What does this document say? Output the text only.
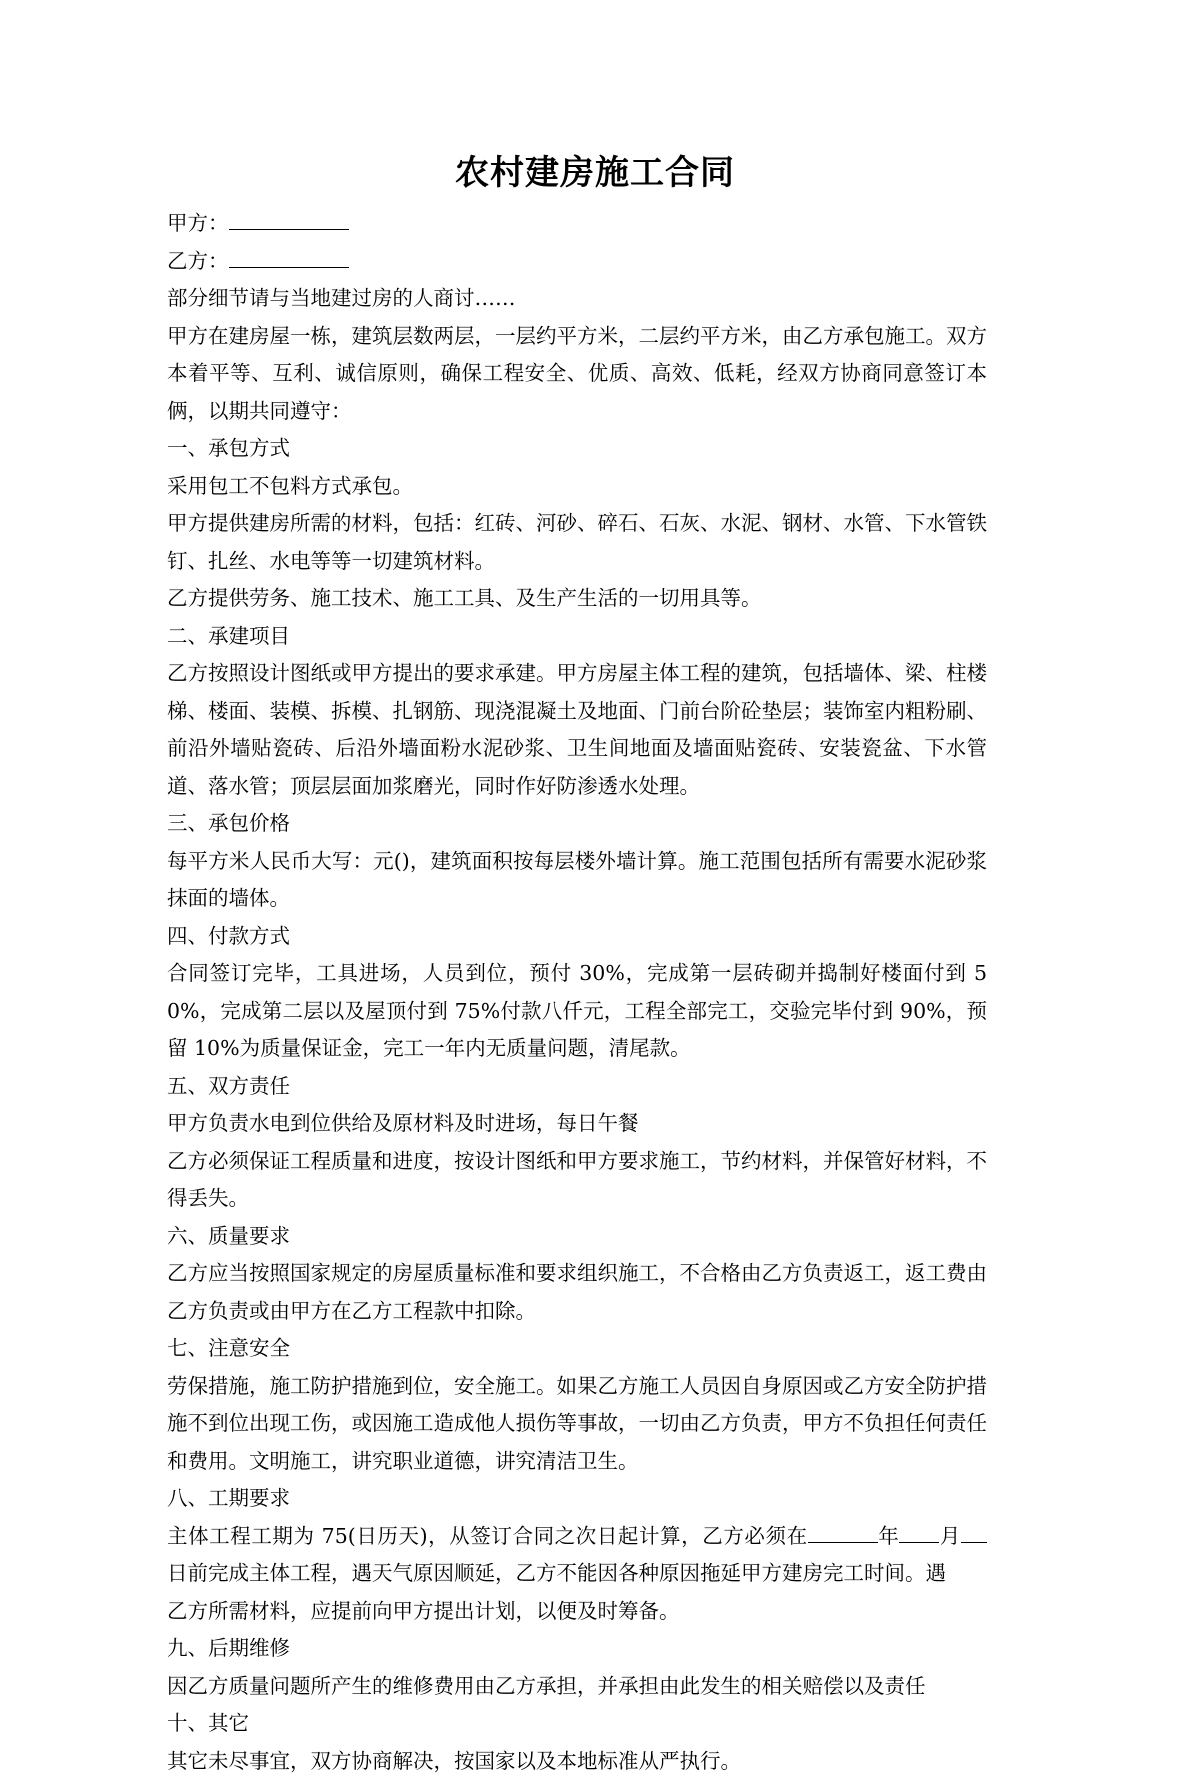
农村建房施工合同

甲方：

乙方：

部分细节请与当地建过房的人商讨……

甲方在建房屋一栋，建筑层数两层，一层约平方米，二层约平方米，由乙方承包施工。双方本着平等、互利、诚信原则，确保工程安全、优质、高效、低耗，经双方协商同意签订本俩，以期共同遵守：

一、承包方式

采用包工不包料方式承包。

甲方提供建房所需的材料，包括：红砖、河砂、碎石、石灰、水泥、钢材、水管、下水管铁钉、扎丝、水电等等一切建筑材料。

乙方提供劳务、施工技术、施工工具、及生产生活的一切用具等。

二、承建项目

乙方按照设计图纸或甲方提出的要求承建。甲方房屋主体工程的建筑，包括墙体、梁、柱楼梯、楼面、装模、拆模、扎钢筋、现浇混凝土及地面、门前台阶砼垫层；装饰室内粗粉刷、前沿外墙贴瓷砖、后沿外墙面粉水泥砂浆、卫生间地面及墙面贴瓷砖、安装瓷盆、下水管道、落水管；顶层层面加浆磨光，同时作好防渗透水处理。

三、承包价格

每平方米人民币大写：元()，建筑面积按每层楼外墙计算。施工范围包括所有需要水泥砂浆抹面的墙体。

四、付款方式

合同签订完毕，工具进场，人员到位，预付 30%，完成第一层砖砌并捣制好楼面付到 50%，完成第二层以及屋顶付到 75%付款八仟元，工程全部完工，交验完毕付到 90%，预留 10%为质量保证金，完工一年内无质量问题，清尾款。

五、双方责任

甲方负责水电到位供给及原材料及时进场，每日午餐

乙方必须保证工程质量和进度，按设计图纸和甲方要求施工，节约材料，并保管好材料，不得丢失。

六、质量要求

乙方应当按照国家规定的房屋质量标准和要求组织施工，不合格由乙方负责返工，返工费由乙方负责或由甲方在乙方工程款中扣除。

七、注意安全

劳保措施，施工防护措施到位，安全施工。如果乙方施工人员因自身原因或乙方安全防护措施不到位出现工伤，或因施工造成他人损伤等事故，一切由乙方负责，甲方不负担任何责任和费用。文明施工，讲究职业道德，讲究清洁卫生。

八、工期要求

主体工程工期为 75(日历天)，从签订合同之次日起计算，乙方必须在	年 月日前完成主体工程，遇天气原因顺延，乙方不能因各种原因拖延甲方建房完工时间。遇

乙方所需材料，应提前向甲方提出计划，以便及时筹备。

九、后期维修

因乙方质量问题所产生的维修费用由乙方承担，并承担由此发生的相关赔偿以及责任

十、其它

其它未尽事宜，双方协商解决，按国家以及本地标准从严执行。
